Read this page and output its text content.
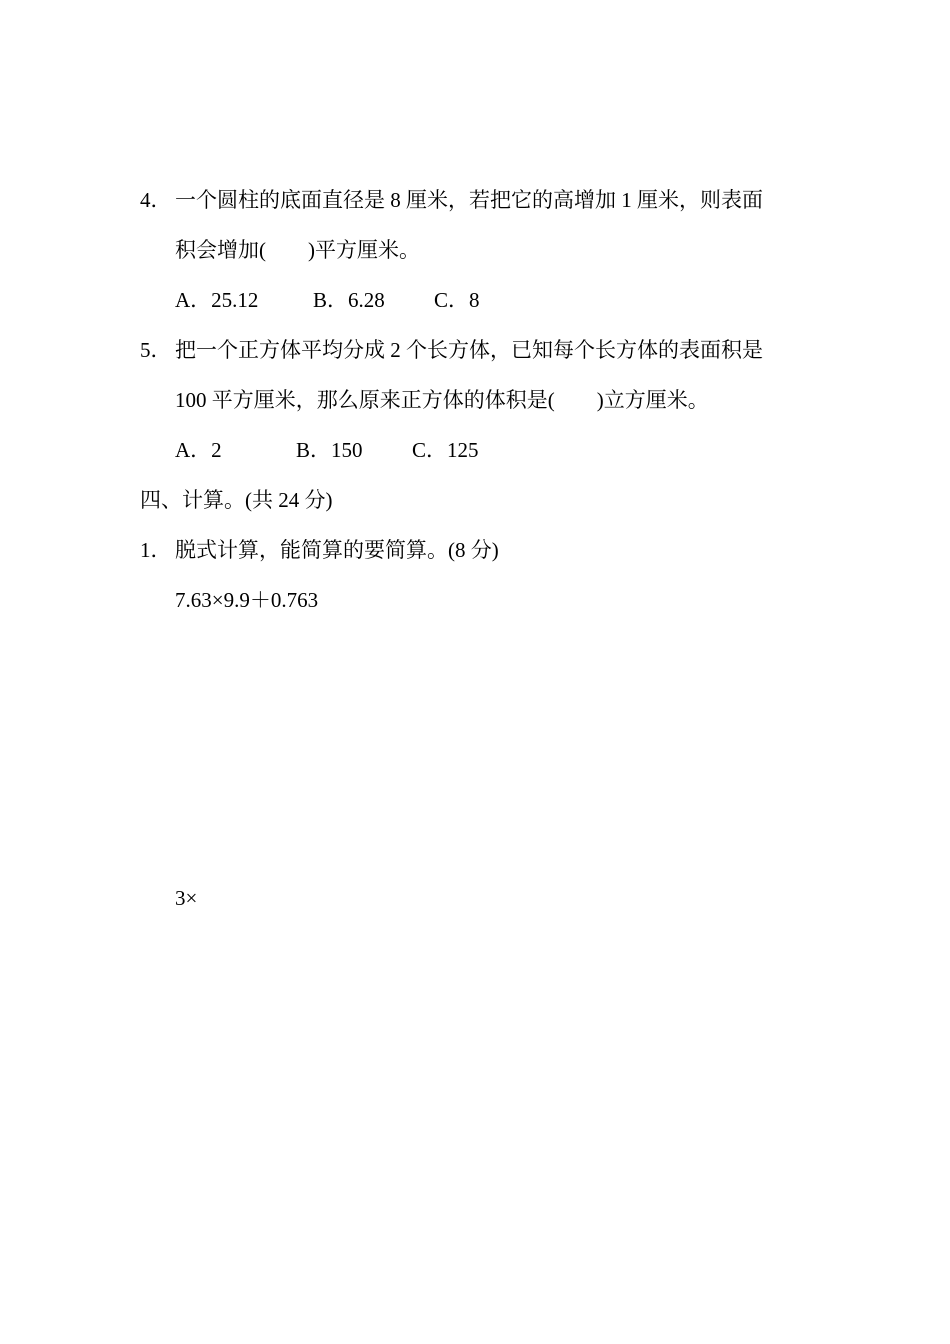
4． 一个圆柱的底面直径是 8 厘米，若把它的高增加 1 厘米，则表面
积会增加(　　)平方厘米。
A．25.12	B．6.28 C．8
5． 把一个正方体平均分成 2 个长方体，已知每个长方体的表面积是
100 平方厘米，那么原来正方体的体积是(　　)立方厘米。
A．2	B．150 C．125
四、计算。(共 24 分)
1． 脱式计算，能简算的要简算。(8 分)
7.63×9.9＋0.763
3×
